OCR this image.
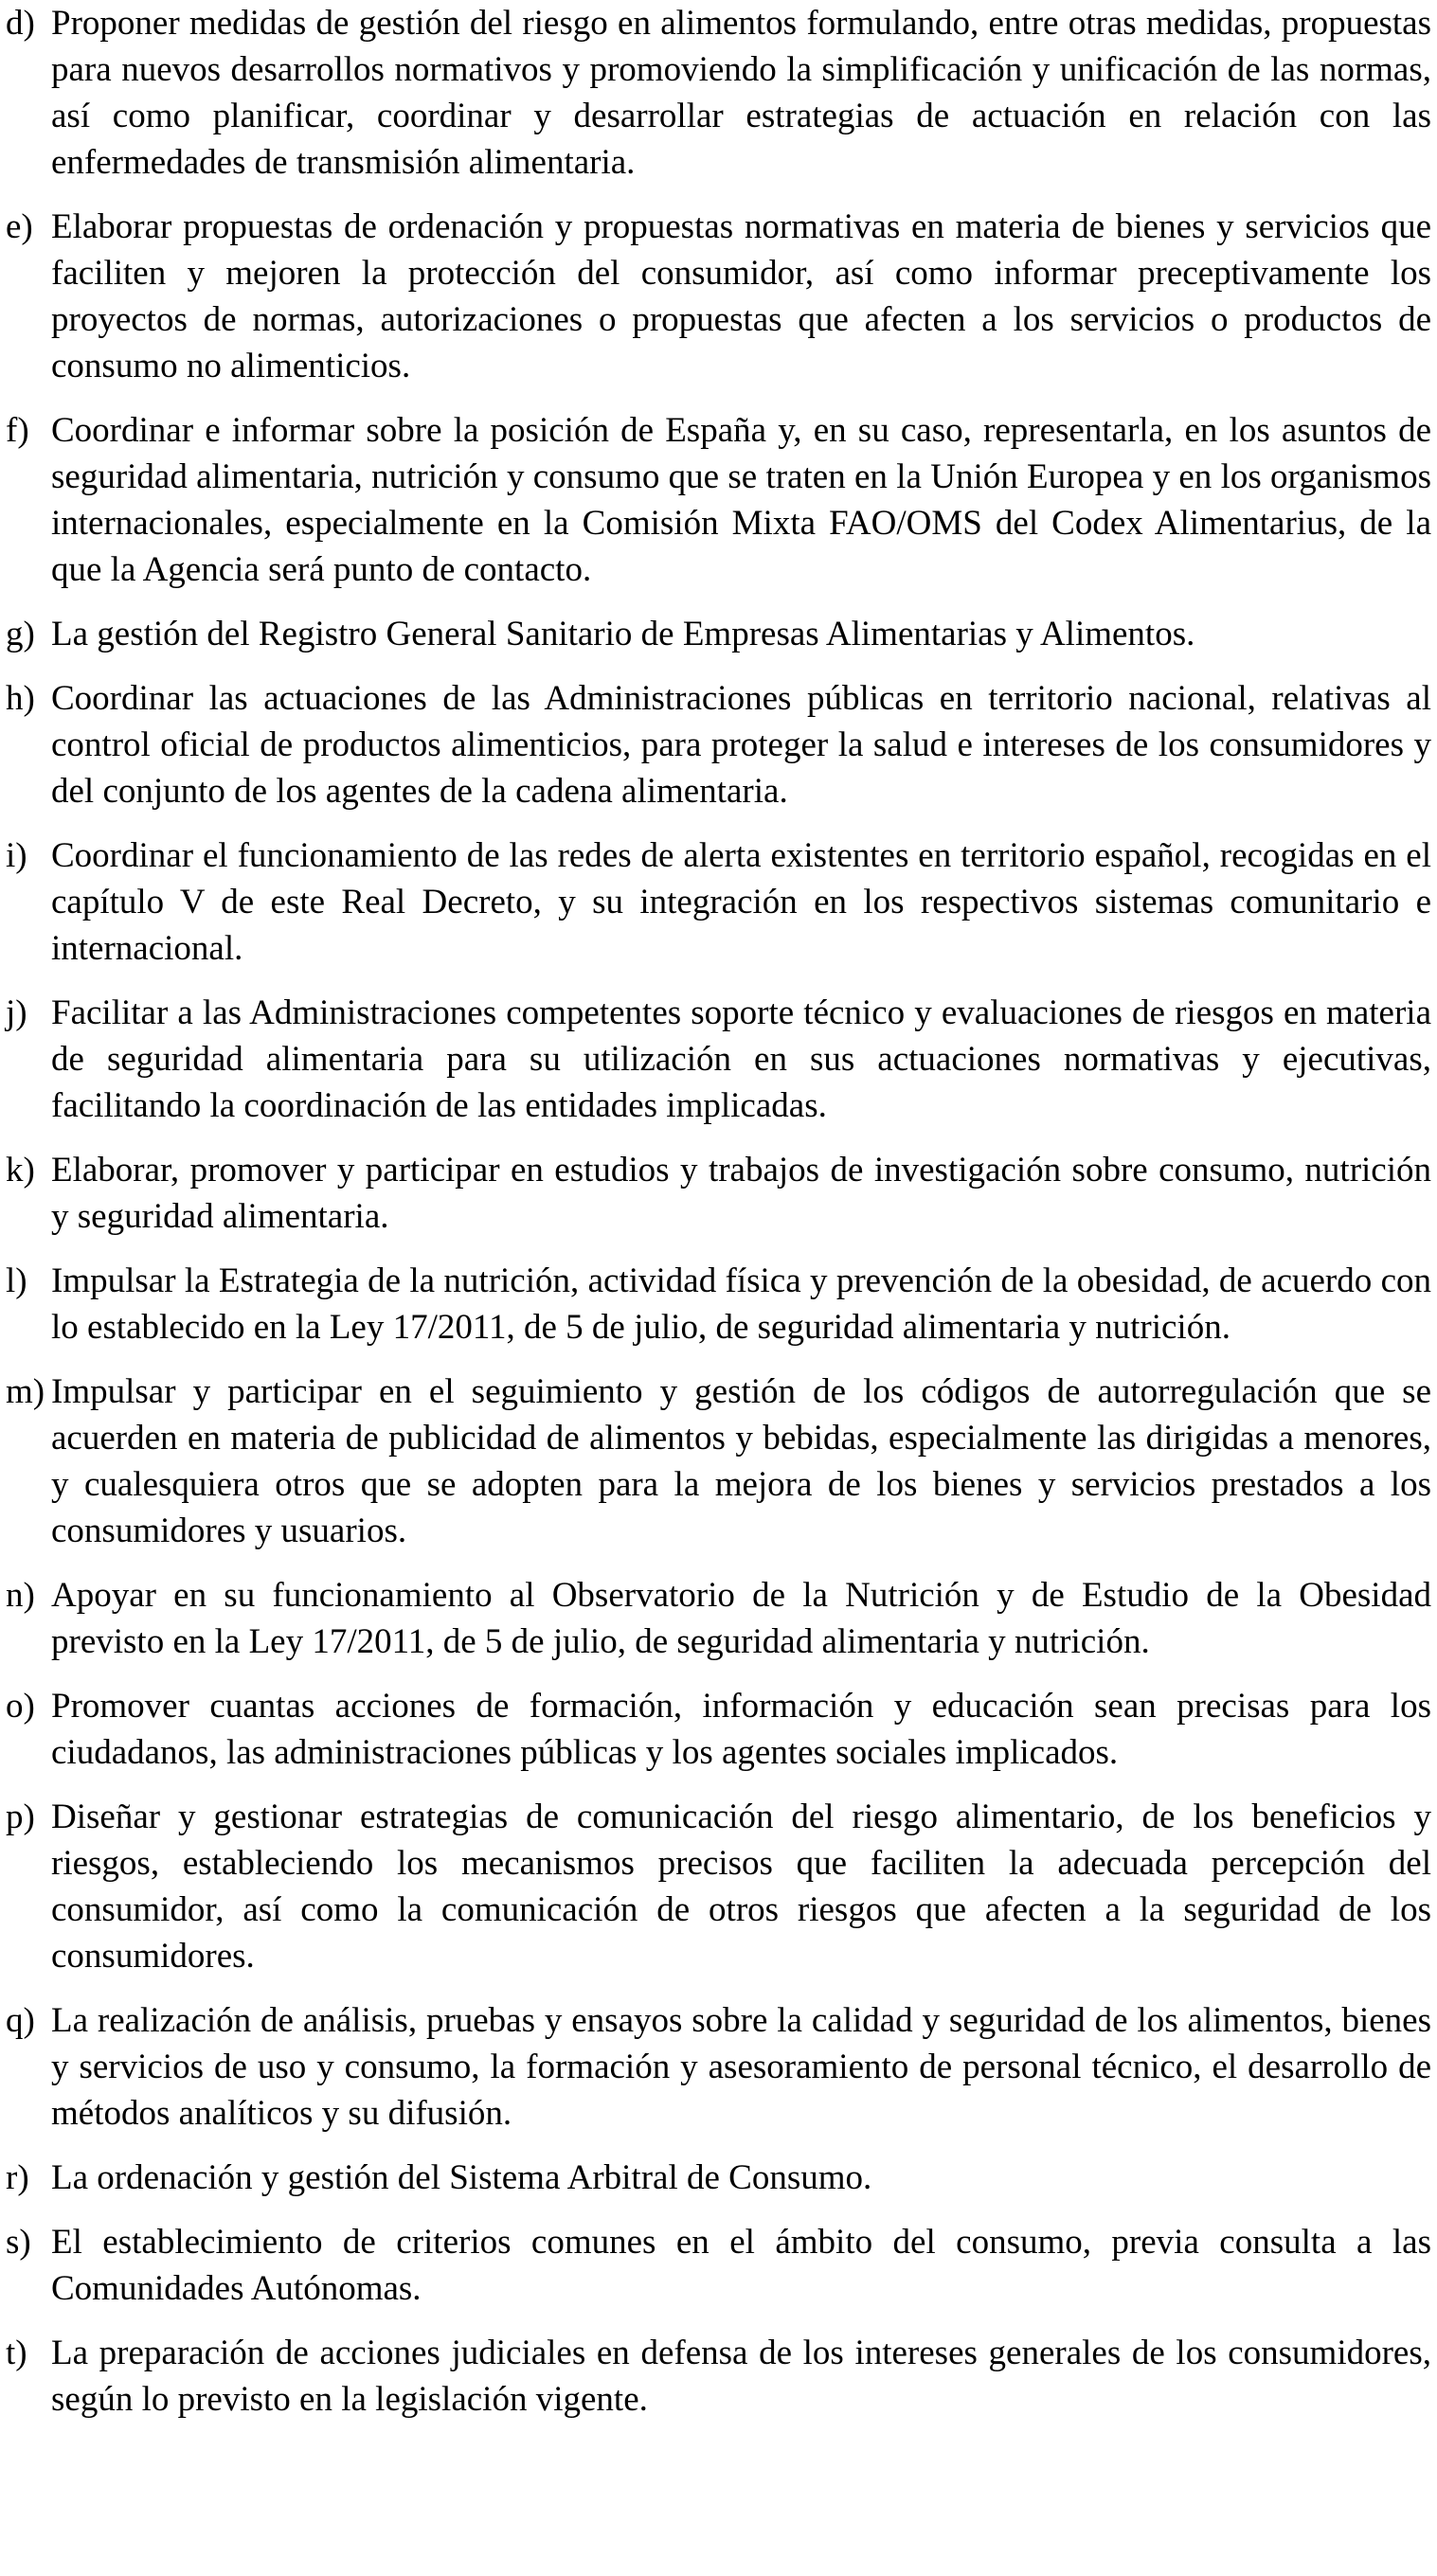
d) Proponer medidas de gestión del riesgo en alimentos formulando, entre otras medidas, propuestas para nuevos desarrollos normativos y promoviendo la simplificación y unificación de las normas, así como planificar, coordinar y desarrollar estrategias de actuación en relación con las enfermedades de transmisión alimentaria.
e) Elaborar propuestas de ordenación y propuestas normativas en materia de bienes y servicios que faciliten y mejoren la protección del consumidor, así como informar preceptivamente los proyectos de normas, autorizaciones o propuestas que afecten a los servicios o productos de consumo no alimenticios.
f) Coordinar e informar sobre la posición de España y, en su caso, representarla, en los asuntos de seguridad alimentaria, nutrición y consumo que se traten en la Unión Europea y en los organismos internacionales, especialmente en la Comisión Mixta FAO/OMS del Codex Alimentarius, de la que la Agencia será punto de contacto.
g) La gestión del Registro General Sanitario de Empresas Alimentarias y Alimentos.
h) Coordinar las actuaciones de las Administraciones públicas en territorio nacional, relativas al control oficial de productos alimenticios, para proteger la salud e intereses de los consumidores y del conjunto de los agentes de la cadena alimentaria.
i) Coordinar el funcionamiento de las redes de alerta existentes en territorio español, recogidas en el capítulo V de este Real Decreto, y su integración en los respectivos sistemas comunitario e internacional.
j) Facilitar a las Administraciones competentes soporte técnico y evaluaciones de riesgos en materia de seguridad alimentaria para su utilización en sus actuaciones normativas y ejecutivas, facilitando la coordinación de las entidades implicadas.
k) Elaborar, promover y participar en estudios y trabajos de investigación sobre consumo, nutrición y seguridad alimentaria.
l) Impulsar la Estrategia de la nutrición, actividad física y prevención de la obesidad, de acuerdo con lo establecido en la Ley 17/2011, de 5 de julio, de seguridad alimentaria y nutrición.
m) Impulsar y participar en el seguimiento y gestión de los códigos de autorregulación que se acuerden en materia de publicidad de alimentos y bebidas, especialmente las dirigidas a menores, y cualesquiera otros que se adopten para la mejora de los bienes y servicios prestados a los consumidores y usuarios.
n) Apoyar en su funcionamiento al Observatorio de la Nutrición y de Estudio de la Obesidad previsto en la Ley 17/2011, de 5 de julio, de seguridad alimentaria y nutrición.
o) Promover cuantas acciones de formación, información y educación sean precisas para los ciudadanos, las administraciones públicas y los agentes sociales implicados.
p) Diseñar y gestionar estrategias de comunicación del riesgo alimentario, de los beneficios y riesgos, estableciendo los mecanismos precisos que faciliten la adecuada percepción del consumidor, así como la comunicación de otros riesgos que afecten a la seguridad de los consumidores.
q) La realización de análisis, pruebas y ensayos sobre la calidad y seguridad de los alimentos, bienes y servicios de uso y consumo, la formación y asesoramiento de personal técnico, el desarrollo de métodos analíticos y su difusión.
r) La ordenación y gestión del Sistema Arbitral de Consumo.
s) El establecimiento de criterios comunes en el ámbito del consumo, previa consulta a las Comunidades Autónomas.
t) La preparación de acciones judiciales en defensa de los intereses generales de los consumidores, según lo previsto en la legislación vigente.
